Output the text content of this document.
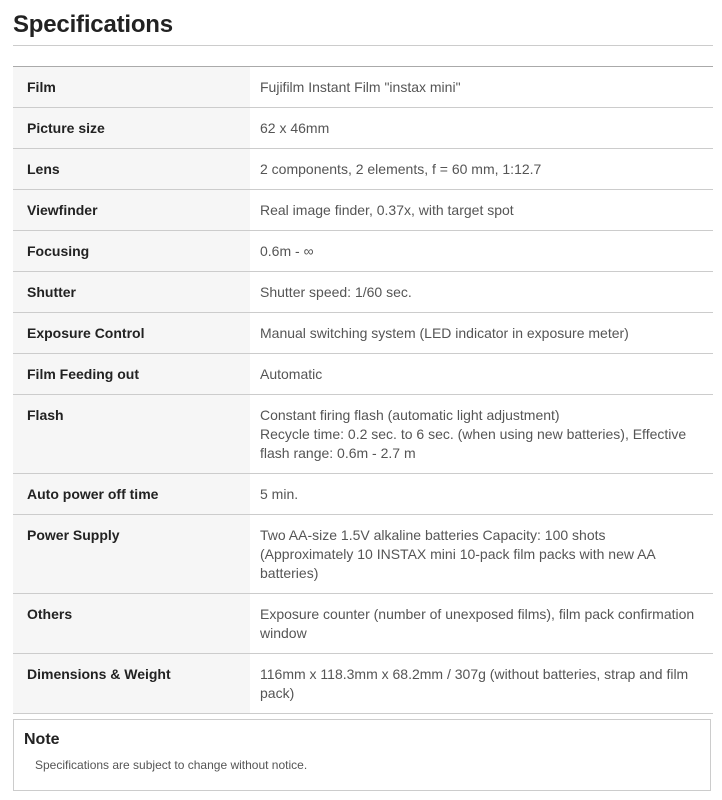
Specifications
Film	Fujifilm Instant Film "instax mini"

Picture size	62 x 46mm

Lens	2 components, 2 elements, f = 60 mm, 1:12.7

Viewfinder	Real image finder, 0.37x, with target spot

Focusing	0.6m - ∞

Shutter	Shutter speed: 1/60 sec.

Exposure Control	Manual switching system (LED indicator in exposure meter)

Film Feeding out	Automatic

Flash	Constant firing flash (automatic light adjustment)
Recycle time: 0.2 sec. to 6 sec. (when using new batteries), Effective flash range: 0.6m - 2.7 m

Auto power off time	5 min.

Power Supply	Two AA-size 1.5V alkaline batteries Capacity: 100 shots
(Approximately 10 INSTAX mini 10-pack film packs with new AA batteries)

Others	Exposure counter (number of unexposed films), film pack confirmation window

Dimensions & Weight	116mm x 118.3mm x 68.2mm / 307g (without batteries, strap and film pack)
Note

Specifications are subject to change without notice.
